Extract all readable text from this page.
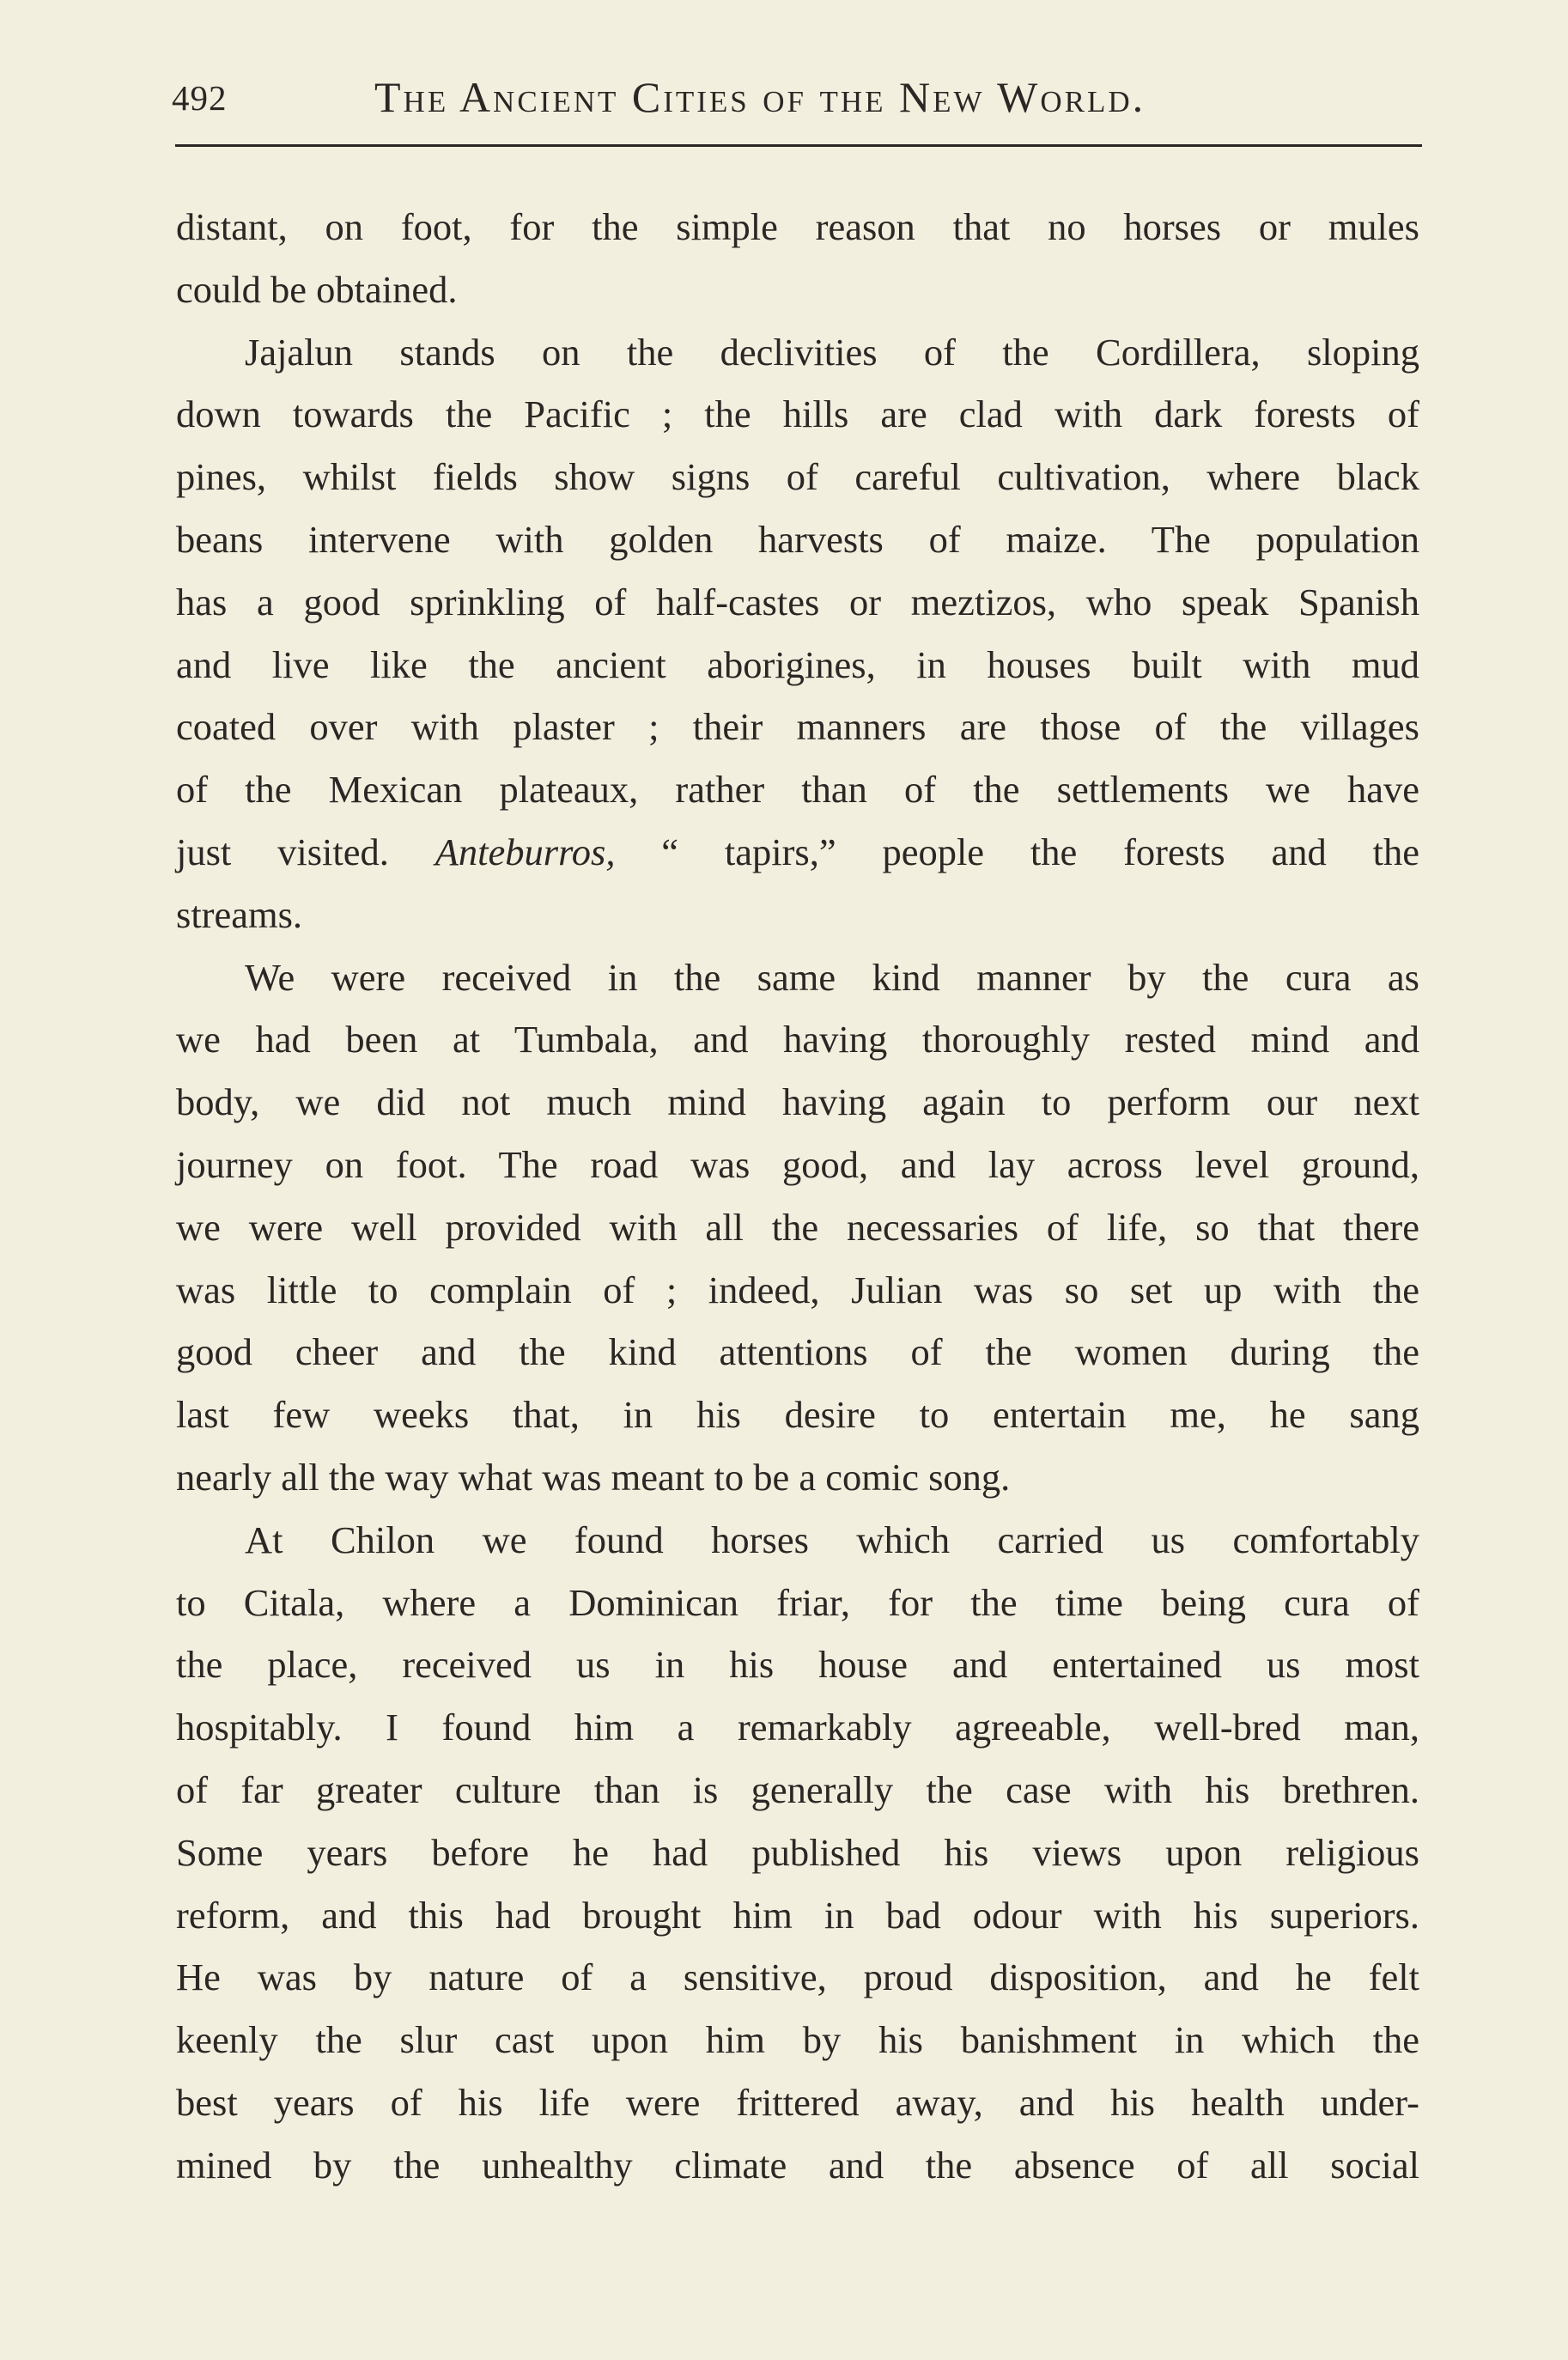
492	The Ancient Cities of the New World.
distant, on foot, for the simple reason that no horses or mules
could be obtained.
Jajalun stands on the declivities of the Cordillera, sloping
down towards the Pacific ; the hills are clad with dark forests of
pines, whilst fields show signs of careful cultivation, where black
beans intervene with golden harvests of maize. The population
has a good sprinkling of half-castes or meztizos, who speak Spanish
and live like the ancient aborigines, in houses built with mud
coated over with plaster ; their manners are those of the villages
of the Mexican plateaux, rather than of the settlements we have
just visited. Anteburros, “ tapirs,” people the forests and the
streams.
We were received in the same kind manner by the cura as
we had been at Tumbala, and having thoroughly rested mind and
body, we did not much mind having again to perform our next
journey on foot. The road was good, and lay across level ground,
we were well provided with all the necessaries of life, so that there
was little to complain of ; indeed, Julian was so set up with the
good cheer and the kind attentions of the women during the
last few weeks that, in his desire to entertain me, he sang
nearly all the way what was meant to be a comic song.
At Chilon we found horses which carried us comfortably
to Citala, where a Dominican friar, for the time being cura of
the place, received us in his house and entertained us most
hospitably. I found him a remarkably agreeable, well-bred man,
of far greater culture than is generally the case with his brethren.
Some years before he had published his views upon religious
reform, and this had brought him in bad odour with his superiors.
He was by nature of a sensitive, proud disposition, and he felt
keenly the slur cast upon him by his banishment in which the
best years of his life were frittered away, and his health under-
mined by the unhealthy climate and the absence of all social
